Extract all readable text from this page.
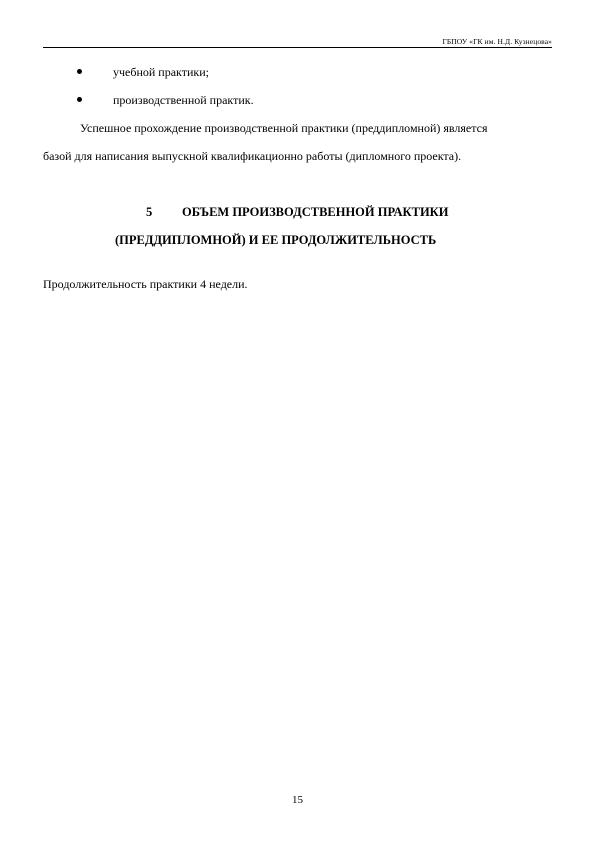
ГБПОУ «ГК им. Н.Д. Кузнецова»
учебной практики;
производственной практик.
Успешное прохождение производственной практики (преддипломной) является
базой для написания выпускной квалификационно работы (дипломного проекта).
5 ОБЪЕМ ПРОИЗВОДСТВЕННОЙ ПРАКТИКИ
(ПРЕДДИПЛОМНОЙ) И ЕЕ ПРОДОЛЖИТЕЛЬНОСТЬ
Продолжительность практики 4 недели.
15
